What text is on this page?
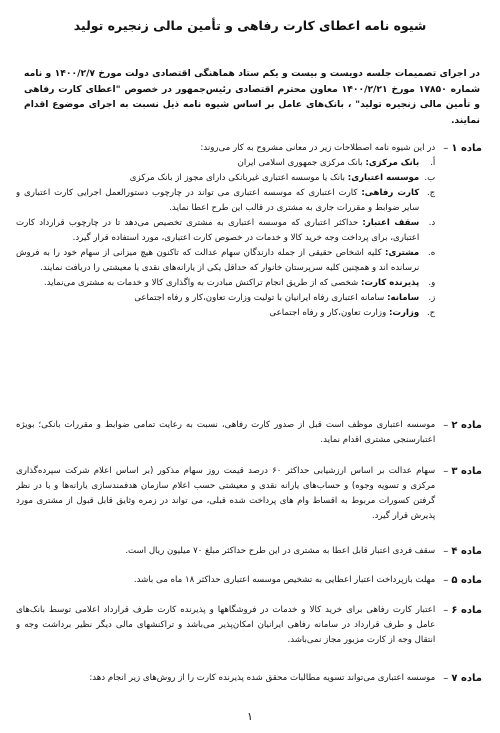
شیوه نامه اعطای کارت رفاهی و تأمین مالی زنجیره تولید
در اجرای تصمیمات جلسه دویست و بیست و یکم ستاد هماهنگی اقتصادی دولت مورخ ۱۴۰۰/۲/۷ و نامه شماره ۱۷۸۵۰ مورخ ۱۴۰۰/۲/۲۱ معاون محترم اقتصادی رئیس‌جمهور در خصوص "اعطای کارت رفاهی و تأمین مالی زنجیره تولید" ، بانک‌های عامل بر اساس شیوه نامه ذیل نسبت به اجرای موضوع اقدام نمایند.
ماده ۱ –
در این شیوه نامه اصطلاحات زیر در معانی مشروح به کار می‌روند:
أ.
بانک مرکزی: بانک مرکزی جمهوری اسلامی ایران
ب.
موسسه اعتباری: بانک یا موسسه اعتباری غیربانکی دارای مجوز از بانک مرکزی
ج.
کارت رفاهی: کارت اعتباری که موسسه اعتباری می تواند در چارچوب دستورالعمل اجرایی کارت اعتباری و سایر ضوابط و مقررات جاری به مشتری در قالب این طرح اعطا نماید.
د.
سقف اعتبار: حداکثر اعتباری که موسسه اعتباری به مشتری تخصیص می‌دهد تا در چارچوب قرارداد کارت اعتباری، برای پرداخت وجه خرید کالا و خدمات در خصوص کارت اعتباری، مورد استفاده قرار گیرد.
ه.
مشتری: کلیه اشخاص حقیقی از جمله دارندگان سهام عدالت که تاکنون هیچ میزانی از سهام خود را به فروش نرسانده اند و همچنین کلیه سرپرستان خانوار که حداقل یکی از یارانه‌های نقدی یا معیشتی را دریافت نمایند.
و.
پذیرنده کارت: شخصی که از طریق انجام تراکنش مبادرت به واگذاری کالا و خدمات به مشتری می‌نماید.
ز.
سامانه: سامانه اعتباری رفاه ایرانیان با تولیت وزارت تعاون،کار و رفاه اجتماعی
ح.
وزارت: وزارت تعاون،کار و رفاه اجتماعی
ماده ۲ –
موسسه اعتباری موظف است قبل از صدور کارت رفاهی، نسبت به رعایت تمامی ضوابط و مقررات بانکی؛ بویژه اعتبارسنجی مشتری اقدام نماید.
ماده ۳ –
سهام عدالت بر اساس ارزشیابی حداکثر ۶۰ درصد قیمت روز سهام مذکور (بر اساس اعلام شرکت سپرده‌گذاری مرکزی و تسویه وجوه) و حساب‌های یارانه نقدی و معیشتی حسب اعلام سازمان هدفمندسازی یارانه‌ها و با در نظر گرفتن کسورات مربوط به اقساط وام های پرداخت شده قبلی، می تواند در زمره وثایق قابل قبول از مشتری مورد پذیرش قرار گیرد.
ماده ۴ –
سقف فردی اعتبار قابل اعطا به مشتری در این طرح حداکثر مبلغ ۷۰ میلیون ریال است.
ماده ۵ –
مهلت بازپرداخت اعتبار اعطایی به تشخیص موسسه اعتباری حداکثر ۱۸ ماه می باشد.
ماده ۶ –
اعتبار کارت رفاهی برای خرید کالا و خدمات در فروشگاهها و پذیرنده کارت طرف قرارداد اعلامی توسط بانک‌های عامل و طرف قرارداد در سامانه رفاهی ایرانیان امکان‌پذیر می‌باشد و تراکنشهای مالی دیگر نظیر برداشت وجه و انتقال وجه از کارت مزبور مجاز نمی‌باشد.
ماده ۷ –
موسسه اعتباری می‌تواند تسویه مطالبات محقق شده پذیرنده کارت را از روش‌های زیر انجام دهد:
۱
